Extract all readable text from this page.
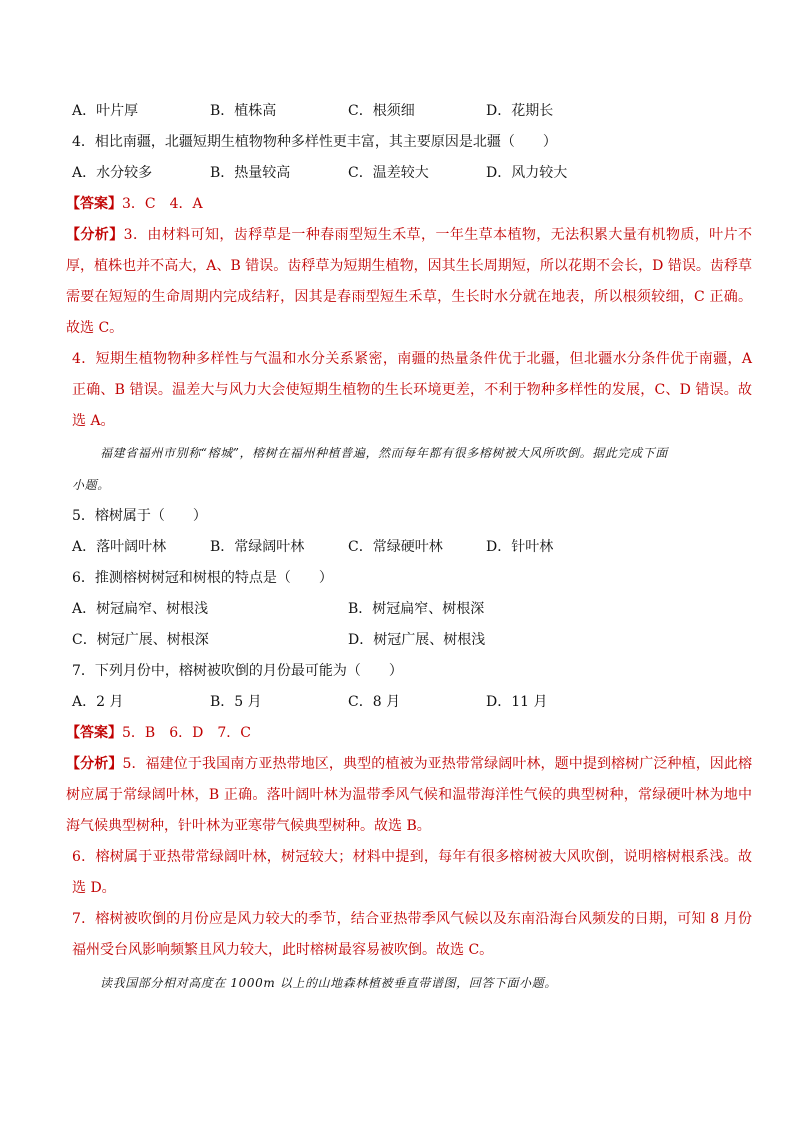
A．叶片厚	B．植株高	C．根须细	D．花期长
4．相比南疆，北疆短期生植物物种多样性更丰富，其主要原因是北疆（　　）
A．水分较多	B．热量较高	C．温差较大	D．风力较大
【答案】3．C　4．A
【分析】3．由材料可知，齿稃草是一种春雨型短生禾草，一年生草本植物，无法积累大量有机物质，叶片不厚，植株也并不高大，A、B 错误。齿稃草为短期生植物，因其生长周期短，所以花期不会长，D 错误。齿稃草需要在短短的生命周期内完成结籽，因其是春雨型短生禾草，生长时水分就在地表，所以根须较细，C 正确。故选 C。
4．短期生植物物种多样性与气温和水分关系紧密，南疆的热量条件优于北疆，但北疆水分条件优于南疆，A 正确、B 错误。温差大与风力大会使短期生植物的生长环境更差，不利于物种多样性的发展，C、D 错误。故选 A。
福建省福州市别称“榕城”，榕树在福州种植普遍，然而每年都有很多榕树被大风所吹倒。据此完成下面
小题。
5．榕树属于（　　）
A．落叶阔叶林	B．常绿阔叶林	C．常绿硬叶林	D．针叶林
6．推测榕树树冠和树根的特点是（　　）
A．树冠扁窄、树根浅	B．树冠扁窄、树根深
C．树冠广展、树根深	D．树冠广展、树根浅
7．下列月份中，榕树被吹倒的月份最可能为（　　）
A．2 月	B．5 月	C．8 月	D．11 月
【答案】5．B　6．D　7．C
【分析】5．福建位于我国南方亚热带地区，典型的植被为亚热带常绿阔叶林，题中提到榕树广泛种植，因此榕树应属于常绿阔叶林，B 正确。落叶阔叶林为温带季风气候和温带海洋性气候的典型树种，常绿硬叶林为地中海气候典型树种，针叶林为亚寒带气候典型树种。故选 B。
6．榕树属于亚热带常绿阔叶林，树冠较大；材料中提到，每年有很多榕树被大风吹倒，说明榕树根系浅。故选 D。
7．榕树被吹倒的月份应是风力较大的季节，结合亚热带季风气候以及东南沿海台风频发的日期，可知 8 月份福州受台风影响频繁且风力较大，此时榕树最容易被吹倒。故选 C。
读我国部分相对高度在 1000m 以上的山地森林植被垂直带谱图，回答下面小题。
